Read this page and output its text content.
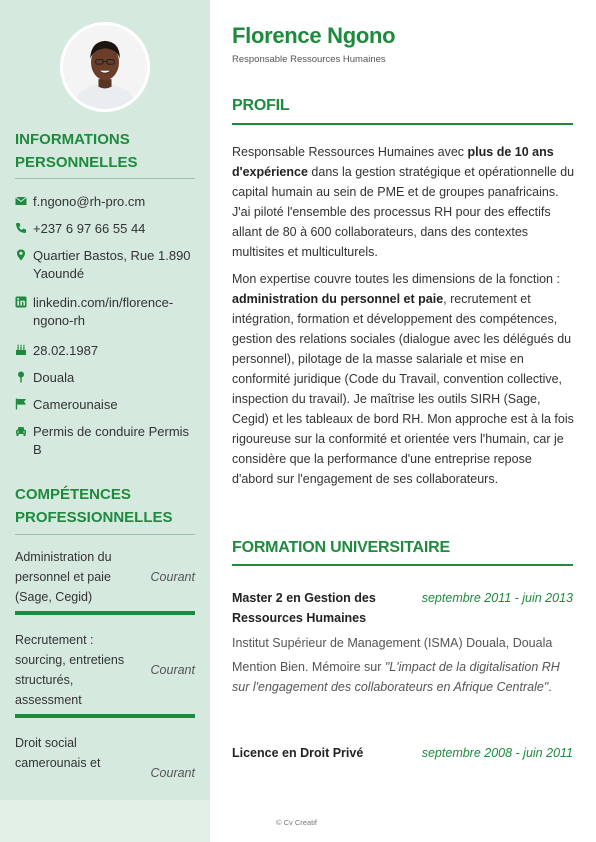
INFORMATIONS PERSONNELLES
f.ngono@rh-pro.cm
+237 6 97 66 55 44
Quartier Bastos, Rue 1.890 Yaoundé
linkedin.com/in/florence-ngono-rh
28.02.1987
Douala
Camerounaise
Permis de conduire Permis B
COMPÉTENCES PROFESSIONNELLES
Administration du personnel et paie (Sage, Cegid)
Courant
Recrutement : sourcing, entretiens structurés, assessment
Courant
Droit social camerounais et
Courant
Florence Ngono
Responsable Ressources Humaines
PROFIL
Responsable Ressources Humaines avec plus de 10 ans d'expérience dans la gestion stratégique et opérationnelle du capital humain au sein de PME et de groupes panafricains. J'ai piloté l'ensemble des processus RH pour des effectifs allant de 80 à 600 collaborateurs, dans des contextes multisites et multiculturels.
Mon expertise couvre toutes les dimensions de la fonction : administration du personnel et paie, recrutement et intégration, formation et développement des compétences, gestion des relations sociales (dialogue avec les délégués du personnel), pilotage de la masse salariale et mise en conformité juridique (Code du Travail, convention collective, inspection du travail). Je maîtrise les outils SIRH (Sage, Cegid) et les tableaux de bord RH. Mon approche est à la fois rigoureuse sur la conformité et orientée vers l'humain, car je considère que la performance d'une entreprise repose d'abord sur l'engagement de ses collaborateurs.
FORMATION UNIVERSITAIRE
Master 2 en Gestion des Ressources Humaines
septembre 2011 - juin 2013
Institut Supérieur de Management (ISMA) Douala, Douala
Mention Bien. Mémoire sur "L'impact de la digitalisation RH sur l'engagement des collaborateurs en Afrique Centrale".
Licence en Droit Privé	septembre 2008 - juin 2011
© Cv Creatif
